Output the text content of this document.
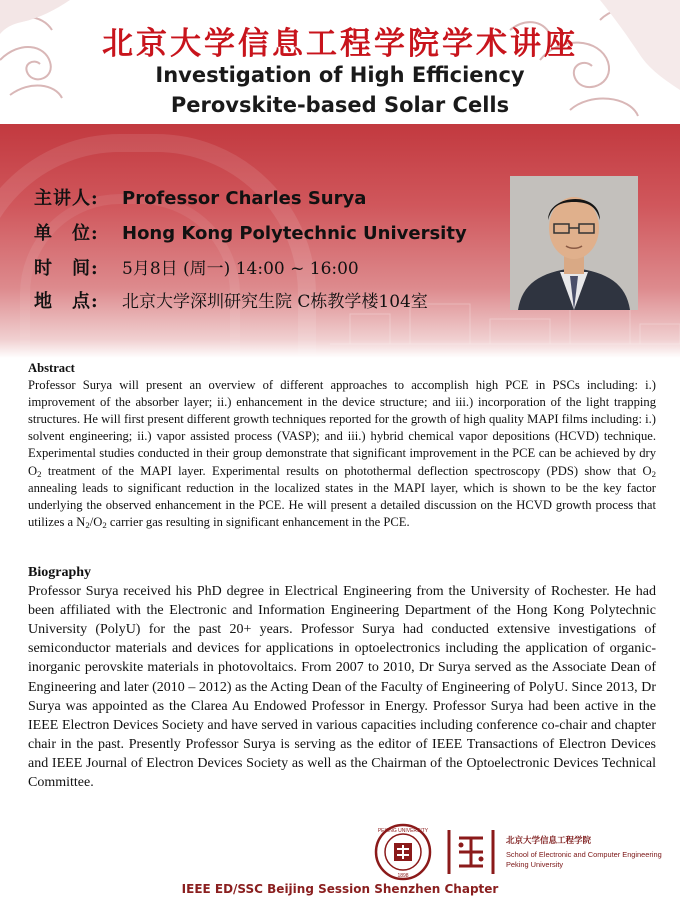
北京大学信息工程学院学术讲座
Investigation of High Efficiency
Perovskite-based Solar Cells
主讲人: Professor Charles Surya
单　位: Hong Kong Polytechnic University
时　间: 5月8日 (周一) 14:00 ~ 16:00
地　点: 北京大学深圳研究生院 C栋教学楼104室
Abstract
Professor Surya will present an overview of different approaches to accomplish high PCE in PSCs including: i.) improvement of the absorber layer; ii.) enhancement in the device structure; and iii.) incorporation of the light trapping structures. He will first present different growth techniques reported for the growth of high quality MAPI films including: i.) solvent engineering; ii.) vapor assisted process (VASP); and iii.) hybrid chemical vapor depositions (HCVD) technique. Experimental studies conducted in their group demonstrate that significant improvement in the PCE can be achieved by dry $O_2$ treatment of the MAPI layer. Experimental results on photothermal deflection spectroscopy (PDS) show that $O_2$ annealing leads to significant reduction in the localized states in the MAPI layer, which is shown to be the key factor underlying the observed enhancement in the PCE. He will present a detailed discussion on the HCVD growth process that utilizes a $N_2/O_2$ carrier gas resulting in significant enhancement in the PCE.
Biography
Professor Surya received his PhD degree in Electrical Engineering from the University of Rochester. He had been affiliated with the Electronic and Information Engineering Department of the Hong Kong Polytechnic University (PolyU) for the past 20+ years. Professor Surya had conducted extensive investigations of semiconductor materials and devices for applications in optoelectronics including the application of organic-inorganic perovskite materials in photovoltaics. From 2007 to 2010, Dr Surya served as the Associate Dean of Engineering and later (2010 – 2012) as the Acting Dean of the Faculty of Engineering of PolyU. Since 2013, Dr Surya was appointed as the Clarea Au Endowed Professor in Energy. Professor Surya had been active in the IEEE Electron Devices Society and have served in various capacities including conference co-chair and chapter chair in the past. Presently Professor Surya is serving as the editor of IEEE Transactions of Electron Devices and IEEE Journal of Electron Devices Society as well as the Chairman of the Optoelectronic Devices Technical Committee.
PEKING UNIVERSITY
1898
北京大学信息工程学院
School of Electronic and Computer Engineering
Peking University
IEEE ED/SSC Beijing Session Shenzhen Chapter
